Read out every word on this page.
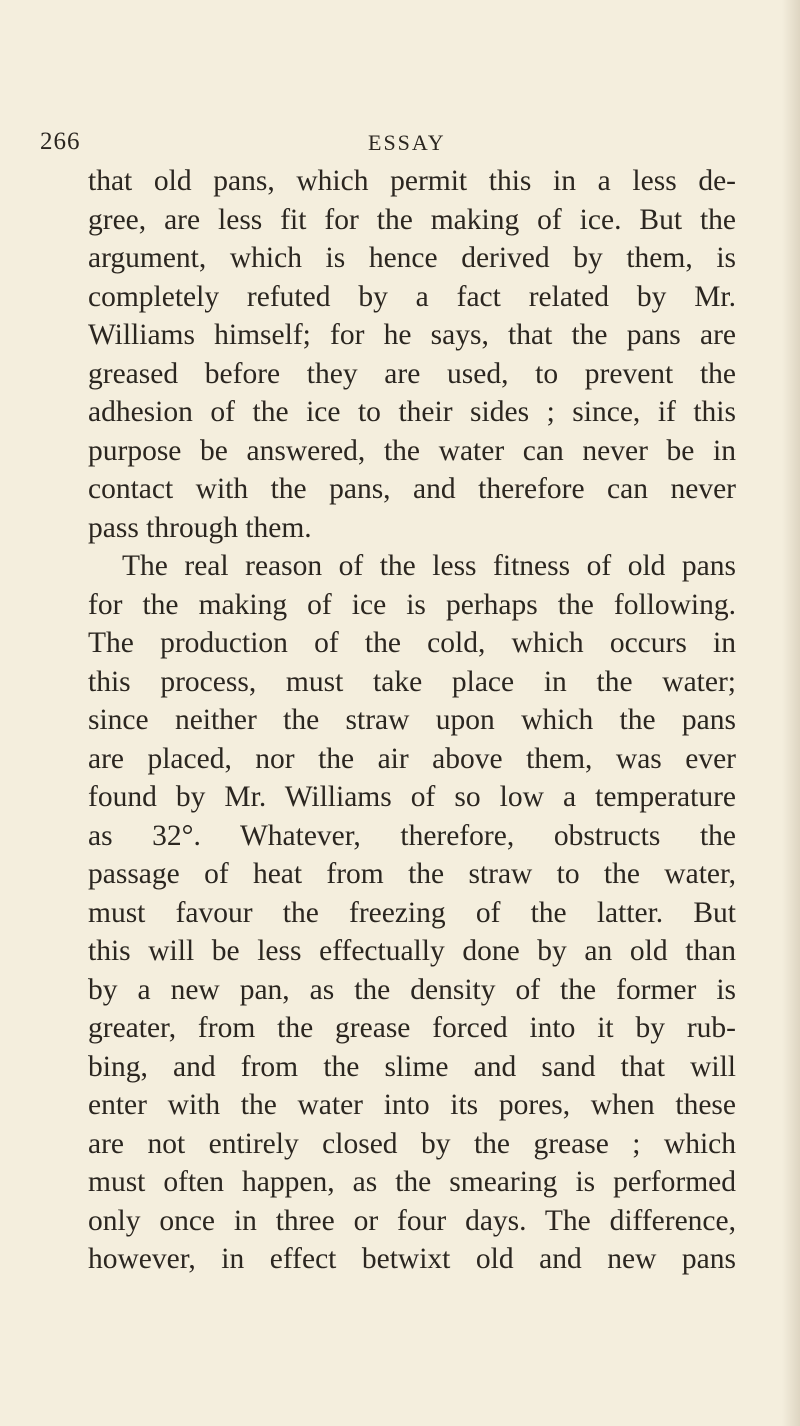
266	ESSAY
that old pans, which permit this in a less de-
gree, are less fit for the making of ice. But the
argument, which is hence derived by them, is
completely refuted by a fact related by Mr.
Williams himself; for he says, that the pans are
greased before they are used, to prevent the
adhesion of the ice to their sides ; since, if this
purpose be answered, the water can never be in
contact with the pans, and therefore can never
pass through them.
The real reason of the less fitness of old pans
for the making of ice is perhaps the following.
The production of the cold, which occurs in
this process, must take place in the water;
since neither the straw upon which the pans
are placed, nor the air above them, was ever
found by Mr. Williams of so low a temperature
as 32°. Whatever, therefore, obstructs the
passage of heat from the straw to the water,
must favour the freezing of the latter. But
this will be less effectually done by an old than
by a new pan, as the density of the former is
greater, from the grease forced into it by rub-
bing, and from the slime and sand that will
enter with the water into its pores, when these
are not entirely closed by the grease ; which
must often happen, as the smearing is performed
only once in three or four days. The difference,
however, in effect betwixt old and new pans
